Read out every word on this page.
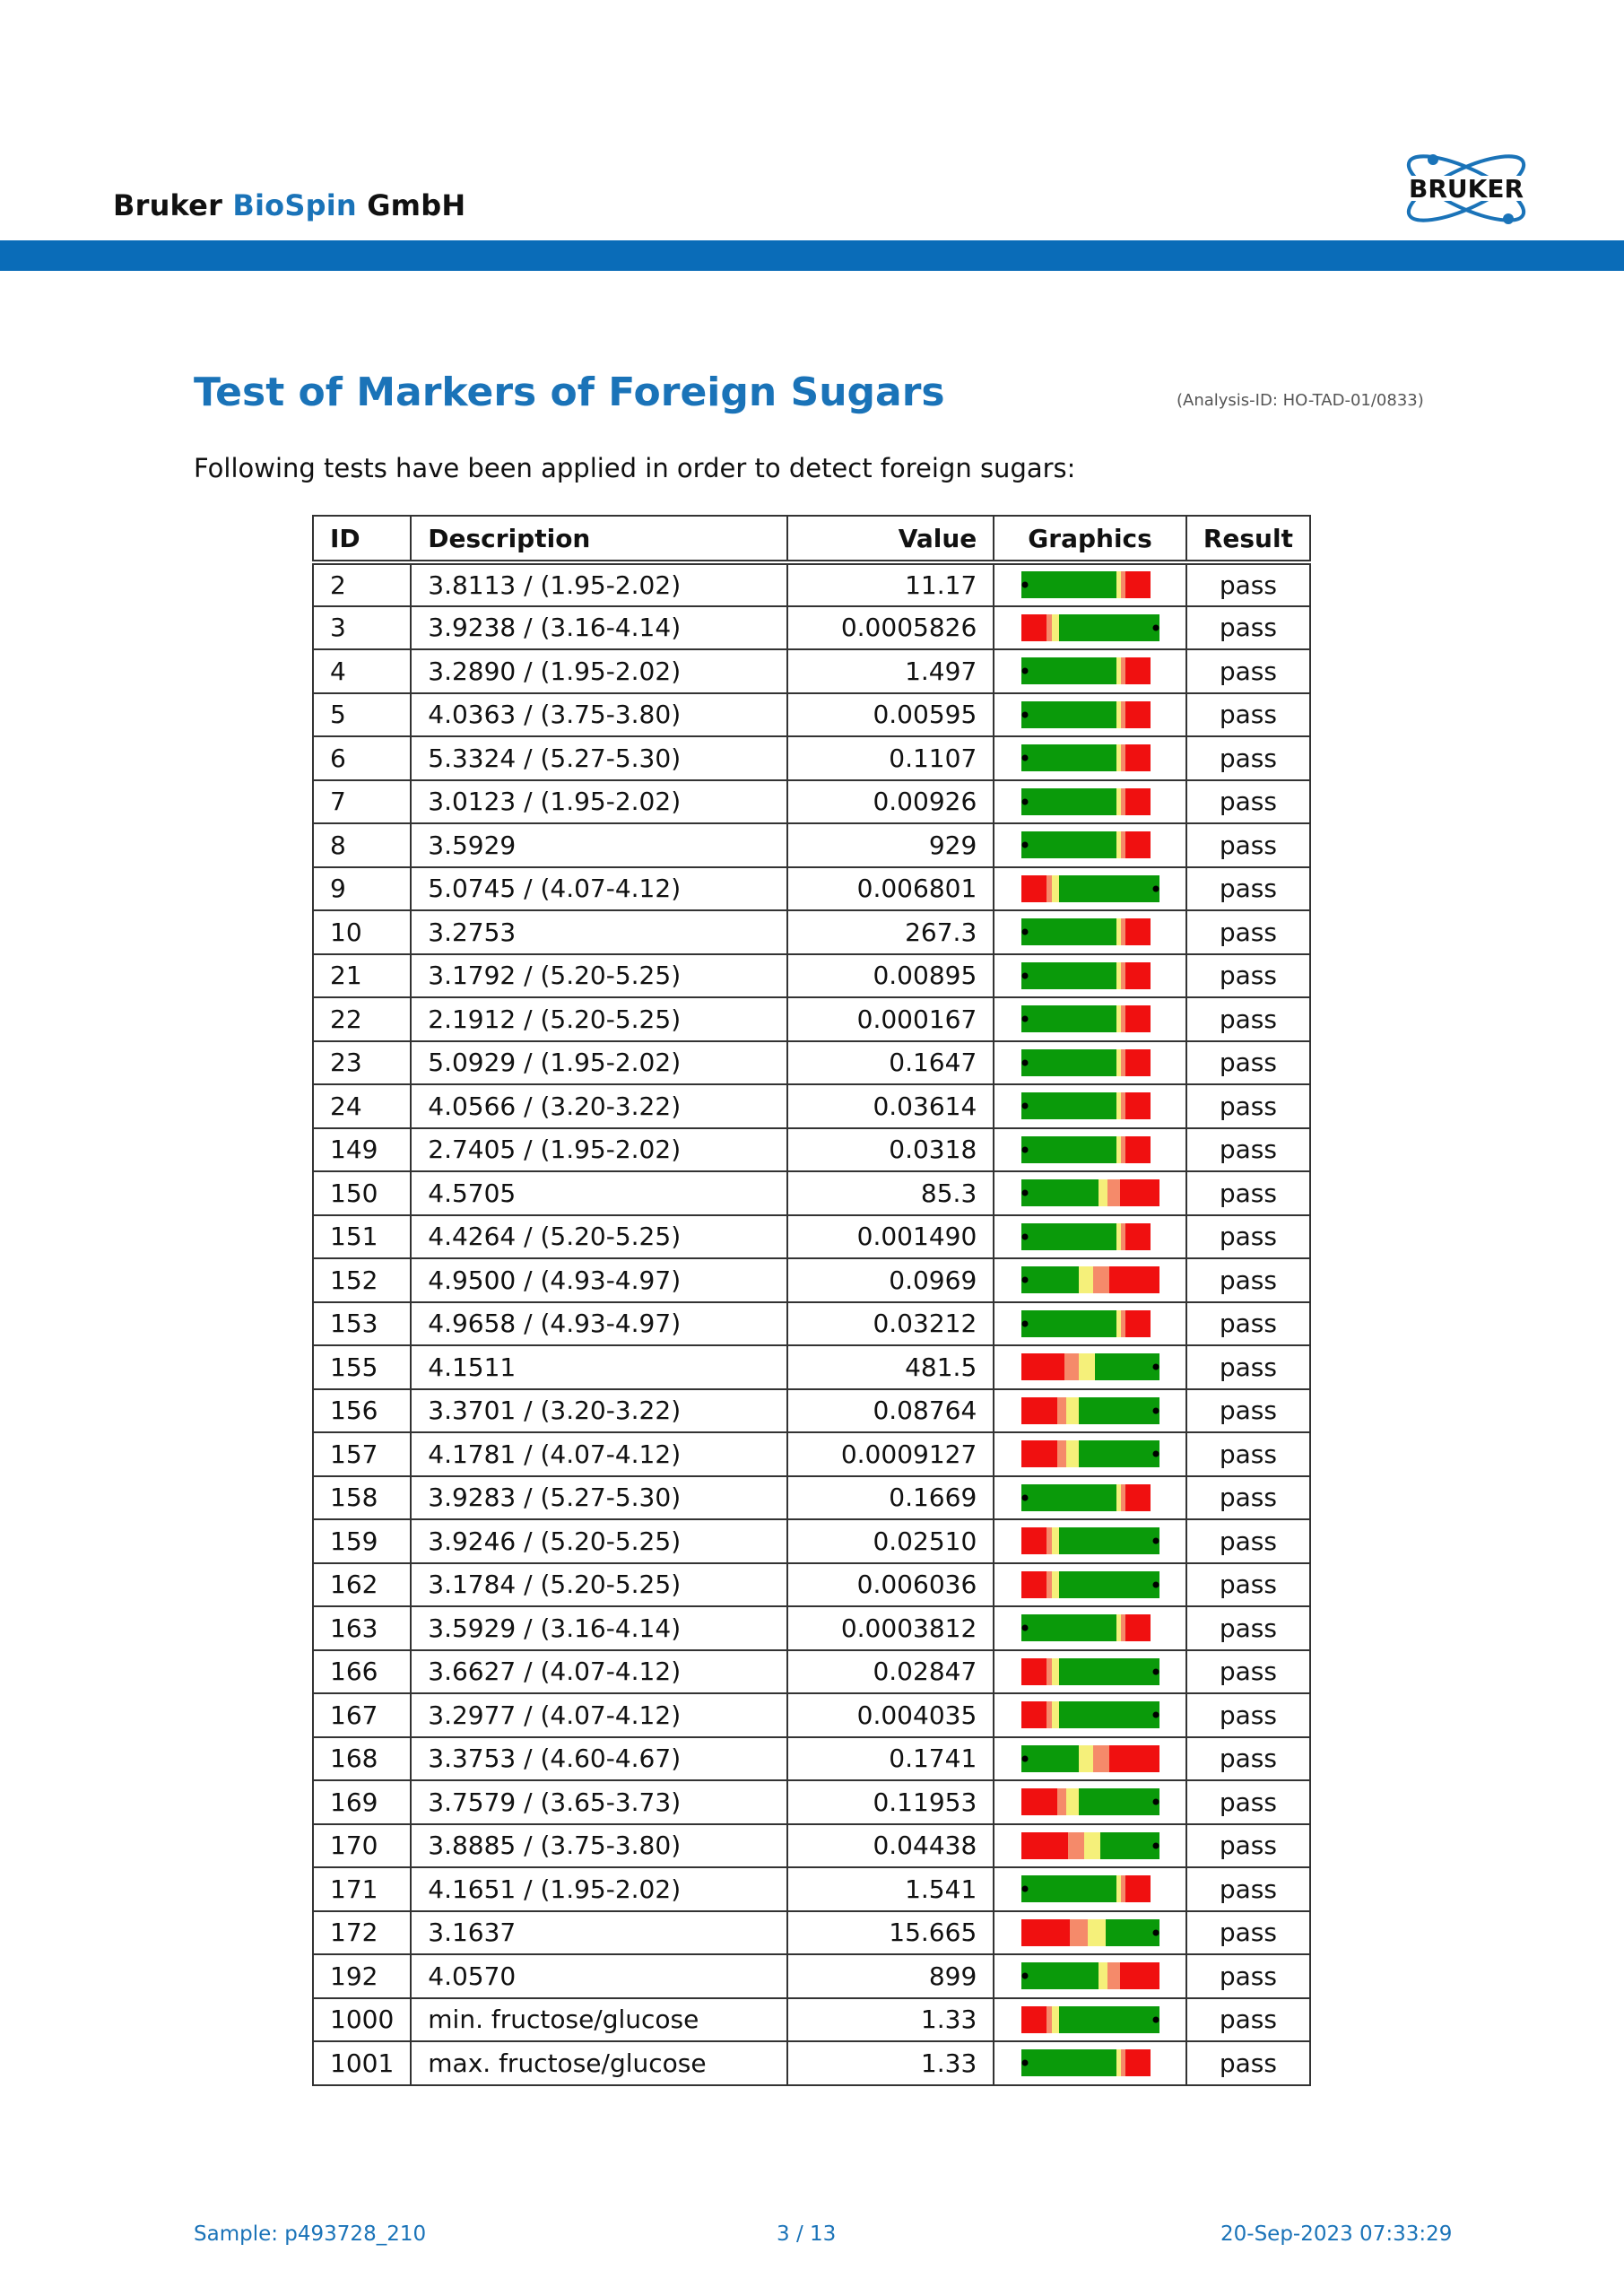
Bruker BioSpin GmbH	BRUKER
Test of Markers of Foreign Sugars	(Analysis-ID: HO-TAD-01/0833)
Following tests have been applied in order to detect foreign sugars:
ID	Description	Value	Graphics	Result
2	3.8113 / (1.95-2.02)	11.17		pass
3	3.9238 / (3.16-4.14)	0.0005826		pass
4	3.2890 / (1.95-2.02)	1.497		pass
5	4.0363 / (3.75-3.80)	0.00595		pass
6	5.3324 / (5.27-5.30)	0.1107		pass
7	3.0123 / (1.95-2.02)	0.00926		pass
8	3.5929	929		pass
9	5.0745 / (4.07-4.12)	0.006801		pass
10	3.2753	267.3		pass
21	3.1792 / (5.20-5.25)	0.00895		pass
22	2.1912 / (5.20-5.25)	0.000167		pass
23	5.0929 / (1.95-2.02)	0.1647		pass
24	4.0566 / (3.20-3.22)	0.03614		pass
149	2.7405 / (1.95-2.02)	0.0318		pass
150	4.5705	85.3		pass
151	4.4264 / (5.20-5.25)	0.001490		pass
152	4.9500 / (4.93-4.97)	0.0969		pass
153	4.9658 / (4.93-4.97)	0.03212		pass
155	4.1511	481.5		pass
156	3.3701 / (3.20-3.22)	0.08764		pass
157	4.1781 / (4.07-4.12)	0.0009127		pass
158	3.9283 / (5.27-5.30)	0.1669		pass
159	3.9246 / (5.20-5.25)	0.02510		pass
162	3.1784 / (5.20-5.25)	0.006036		pass
163	3.5929 / (3.16-4.14)	0.0003812		pass
166	3.6627 / (4.07-4.12)	0.02847		pass
167	3.2977 / (4.07-4.12)	0.004035		pass
168	3.3753 / (4.60-4.67)	0.1741		pass
169	3.7579 / (3.65-3.73)	0.11953		pass
170	3.8885 / (3.75-3.80)	0.04438		pass
171	4.1651 / (1.95-2.02)	1.541		pass
172	3.1637	15.665		pass
192	4.0570	899		pass
1000	min. fructose/glucose	1.33		pass
1001	max. fructose/glucose	1.33		pass
Sample: p493728_210	3 / 13	20-Sep-2023 07:33:29
